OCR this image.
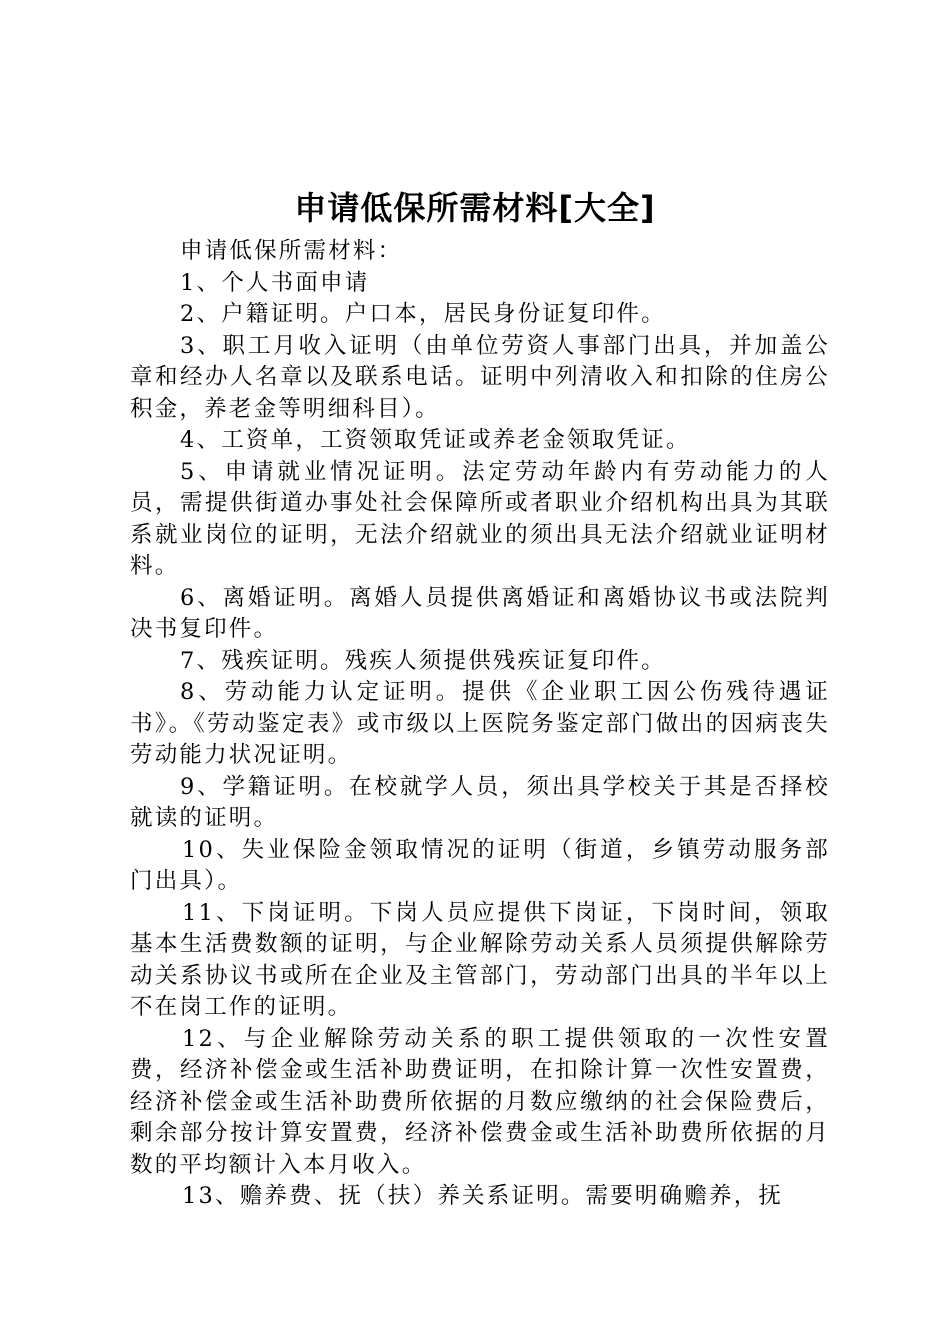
申请低保所需材料[大全]

申请低保所需材料：

1、个人书面申请

2、户籍证明。户口本，居民身份证复印件。

3、职工月收入证明（由单位劳资人事部门出具，并加盖公章和经办人名章以及联系电话。证明中列清收入和扣除的住房公积金，养老金等明细科目）。

4、工资单，工资领取凭证或养老金领取凭证。

5、申请就业情况证明。法定劳动年龄内有劳动能力的人员，需提供街道办事处社会保障所或者职业介绍机构出具为其联系就业岗位的证明，无法介绍就业的须出具无法介绍就业证明材料。

6、离婚证明。离婚人员提供离婚证和离婚协议书或法院判决书复印件。

7、残疾证明。残疾人须提供残疾证复印件。

8、劳动能力认定证明。提供《企业职工因公伤残待遇证书》。《劳动鉴定表》或市级以上医院务鉴定部门做出的因病丧失劳动能力状况证明。

9、学籍证明。在校就学人员，须出具学校关于其是否择校就读的证明。

10、失业保险金领取情况的证明（街道，乡镇劳动服务部门出具）。

11、下岗证明。下岗人员应提供下岗证，下岗时间，领取基本生活费数额的证明，与企业解除劳动关系人员须提供解除劳动关系协议书或所在企业及主管部门，劳动部门出具的半年以上不在岗工作的证明。

12、与企业解除劳动关系的职工提供领取的一次性安置费，经济补偿金或生活补助费证明，在扣除计算一次性安置费，经济补偿金或生活补助费所依据的月数应缴纳的社会保险费后，剩余部分按计算安置费，经济补偿费金或生活补助费所依据的月数的平均额计入本月收入。

13、赡养费、抚（扶）养关系证明。需要明确赡养，抚
